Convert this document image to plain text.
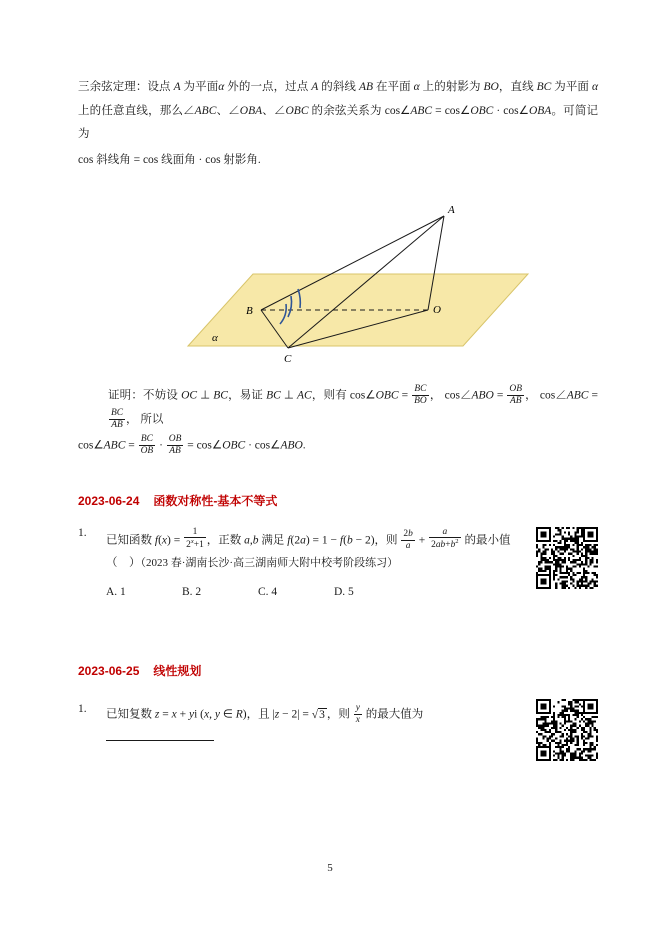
三余弦定理：设点 A 为平面α 外的一点，过点 A 的斜线 AB 在平面 α 上的射影为 BO，直线 BC 为平面 α 上的任意直线，那么∠ABC、∠OBA、∠OBC 的余弦关系为 cos∠ABC = cos∠OBC · cos∠OBA。可简记为
cos 斜线角 = cos 线面角 · cos 射影角.
A
B
C
O
α
证明：不妨设 OC ⊥ BC，易证 BC ⊥ AC，则有 cos∠OBC = $\frac{BC}{BO}$ ， cos∠ABO = $\frac{OB}{AB}$ ， cos∠ABC =
$\frac{BC}{AB}$ ， 所以
cos∠ABC = $\frac{BC}{OB} \cdot \frac{OB}{AB}$ = cos∠OBC · cos∠ABO.
2023-06-24 函数对称性-基本不等式
1.
已知函数 $f(x) = \frac{1}{2^x+1}$ ，正数 a,b 满足 f(2a) = 1 − f(b − 2)，则 $\frac{2b}{a} + \frac{a}{2ab+b^2}$ 的最小值
（    ）（2023 春·湖南长沙·高三湖南师大附中校考阶段练习）
A. 1	B. 2	C. 4	D. 5
2023-06-25 线性规划
1.	已知复数 z = x + yi (x, y ∈ R)，且 |z − 2| = √3 ，则 $\frac{y}{x}$ 的最大值为
5
